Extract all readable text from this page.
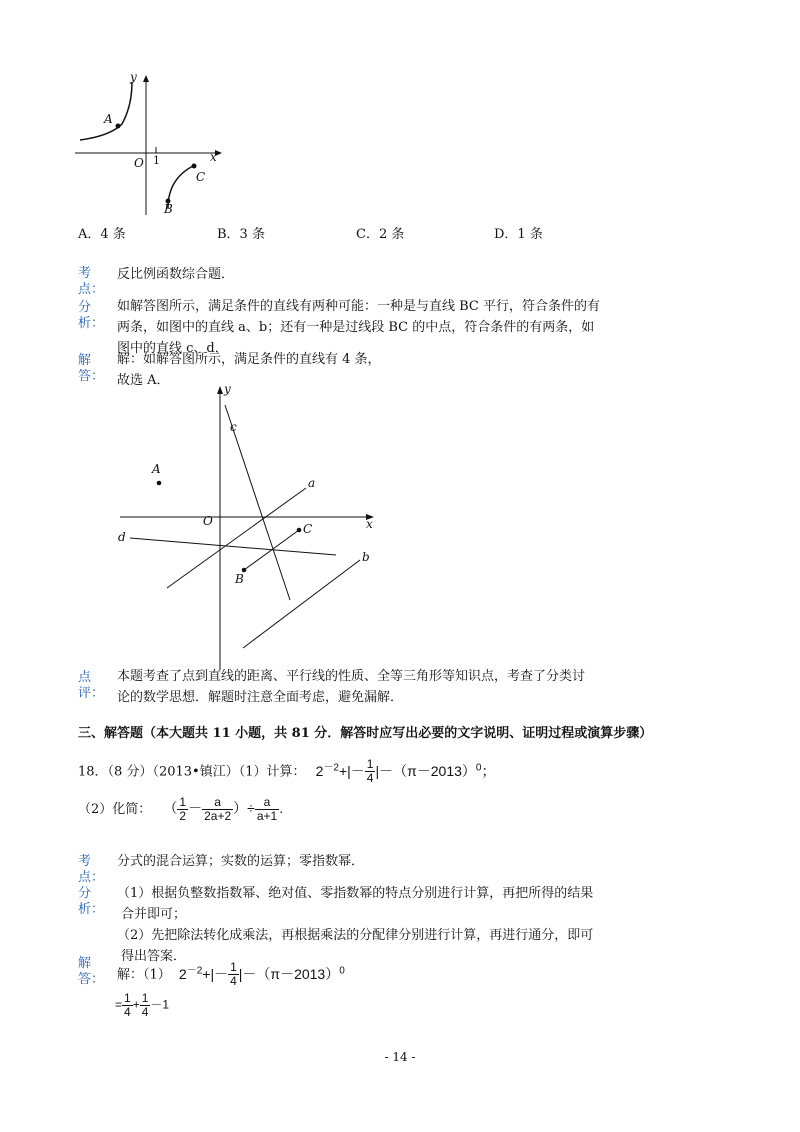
y
x
O 1
A
B
C
A．4 条	B．3 条	C．2 条	D．1 条
考
点：
反比例函数综合题．
分
析：
如解答图所示，满足条件的直线有两种可能：一种是与直线 BC 平行，符合条件的有
两条，如图中的直线 a、b；还有一种是过线段 BC 的中点，符合条件的有两条，如
图中的直线 c、d．
解
答：
解：如解答图所示，满足条件的直线有 4 条，
故选 A．
y
x
O
A
B
C
a
b
c
d
点
评：
本题考查了点到直线的距离、平行线的性质、全等三角形等知识点，考查了分类讨
论的数学思想．解题时注意全面考虑，避免漏解．
三、解答题（本大题共 11 小题，共 81 分．解答时应写出必要的文字说明、证明过程或演算步骤）
18．（8 分）（2013•镇江）（1）计算： $2^{-2}+|- \frac{1}{4} |-(\pi-2013)^0$；
（2）化简： （ $\frac{1}{2} - \frac{a}{2a+2}$ ）÷ $\frac{a}{a+1}$ .
考
点：
分式的混合运算；实数的运算；零指数幂．
分
析：
（1）根据负整数指数幂、绝对值、零指数幂的特点分别进行计算，再把所得的结果
合并即可；
（2）先把除法转化成乘法，再根据乘法的分配律分别进行计算，再进行通分，即可
得出答案．
解
答： 解：（1） $2^{-2}+|- \frac{1}{4} |-(\pi-2013)^0$
= $\frac{1}{4} + \frac{1}{4} -1$
- 14 -
